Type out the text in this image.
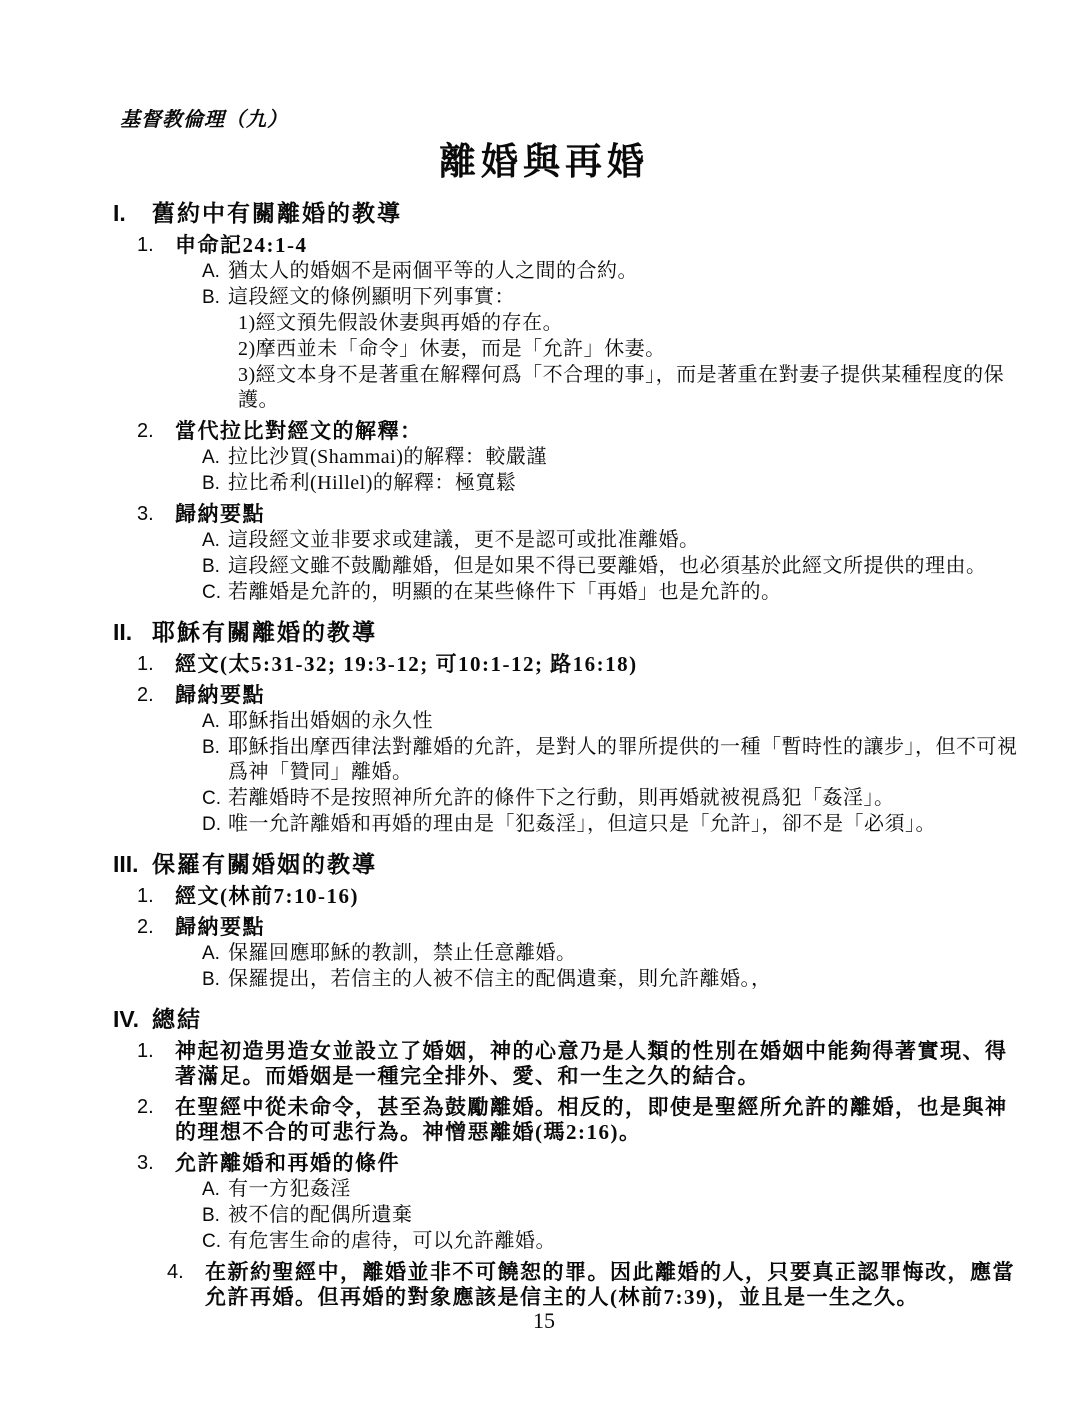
基督教倫理（九）
離婚與再婚
I.	舊約中有關離婚的教導
1.	申命記24:1-4
A. 猶太人的婚姻不是兩個平等的人之間的合約。
B. 這段經文的條例顯明下列事實：
1)經文預先假設休妻與再婚的存在。
2)摩西並未「命令」休妻，而是「允許」休妻。
3)經文本身不是著重在解釋何爲「不合理的事」，而是著重在對妻子提供某種程度的保護。
2.	當代拉比對經文的解釋：
A. 拉比沙買(Shammai)的解釋：較嚴謹
B. 拉比希利(Hillel)的解釋：極寬鬆
3.	歸納要點
A. 這段經文並非要求或建議，更不是認可或批准離婚。
B. 這段經文雖不鼓勵離婚，但是如果不得已要離婚，也必須基於此經文所提供的理由。
C. 若離婚是允許的，明顯的在某些條件下「再婚」也是允許的。
II. 耶穌有關離婚的教導
1.	經文(太5:31-32; 19:3-12; 可10:1-12; 路16:18)
2.	歸納要點
A. 耶穌指出婚姻的永久性
B. 耶穌指出摩西律法對離婚的允許，是對人的罪所提供的一種「暫時性的讓步」，但不可視爲神「贊同」離婚。
C. 若離婚時不是按照神所允許的條件下之行動，則再婚就被視爲犯「姦淫」。
D. 唯一允許離婚和再婚的理由是「犯姦淫」，但這只是「允許」，卻不是「必須」。
III. 保羅有關婚姻的教導
1.	經文(林前7:10-16)
2.	歸納要點
A. 保羅回應耶穌的教訓，禁止任意離婚。
B. 保羅提出，若信主的人被不信主的配偶遺棄，則允許離婚。，
IV. 總結
1.	神起初造男造女並設立了婚姻，神的心意乃是人類的性別在婚姻中能夠得著實現、得著滿足。而婚姻是一種完全排外、愛、和一生之久的結合。
2.	在聖經中從未命令，甚至為鼓勵離婚。相反的，即使是聖經所允許的離婚，也是與神的理想不合的可悲行為。神憎惡離婚(瑪2:16)。
3.	允許離婚和再婚的條件
A. 有一方犯姦淫
B. 被不信的配偶所遺棄
C. 有危害生命的虐待，可以允許離婚。
4.	在新約聖經中，離婚並非不可饒恕的罪。因此離婚的人，只要真正認罪悔改，應當允許再婚。但再婚的對象應該是信主的人(林前7:39)，並且是一生之久。
15
